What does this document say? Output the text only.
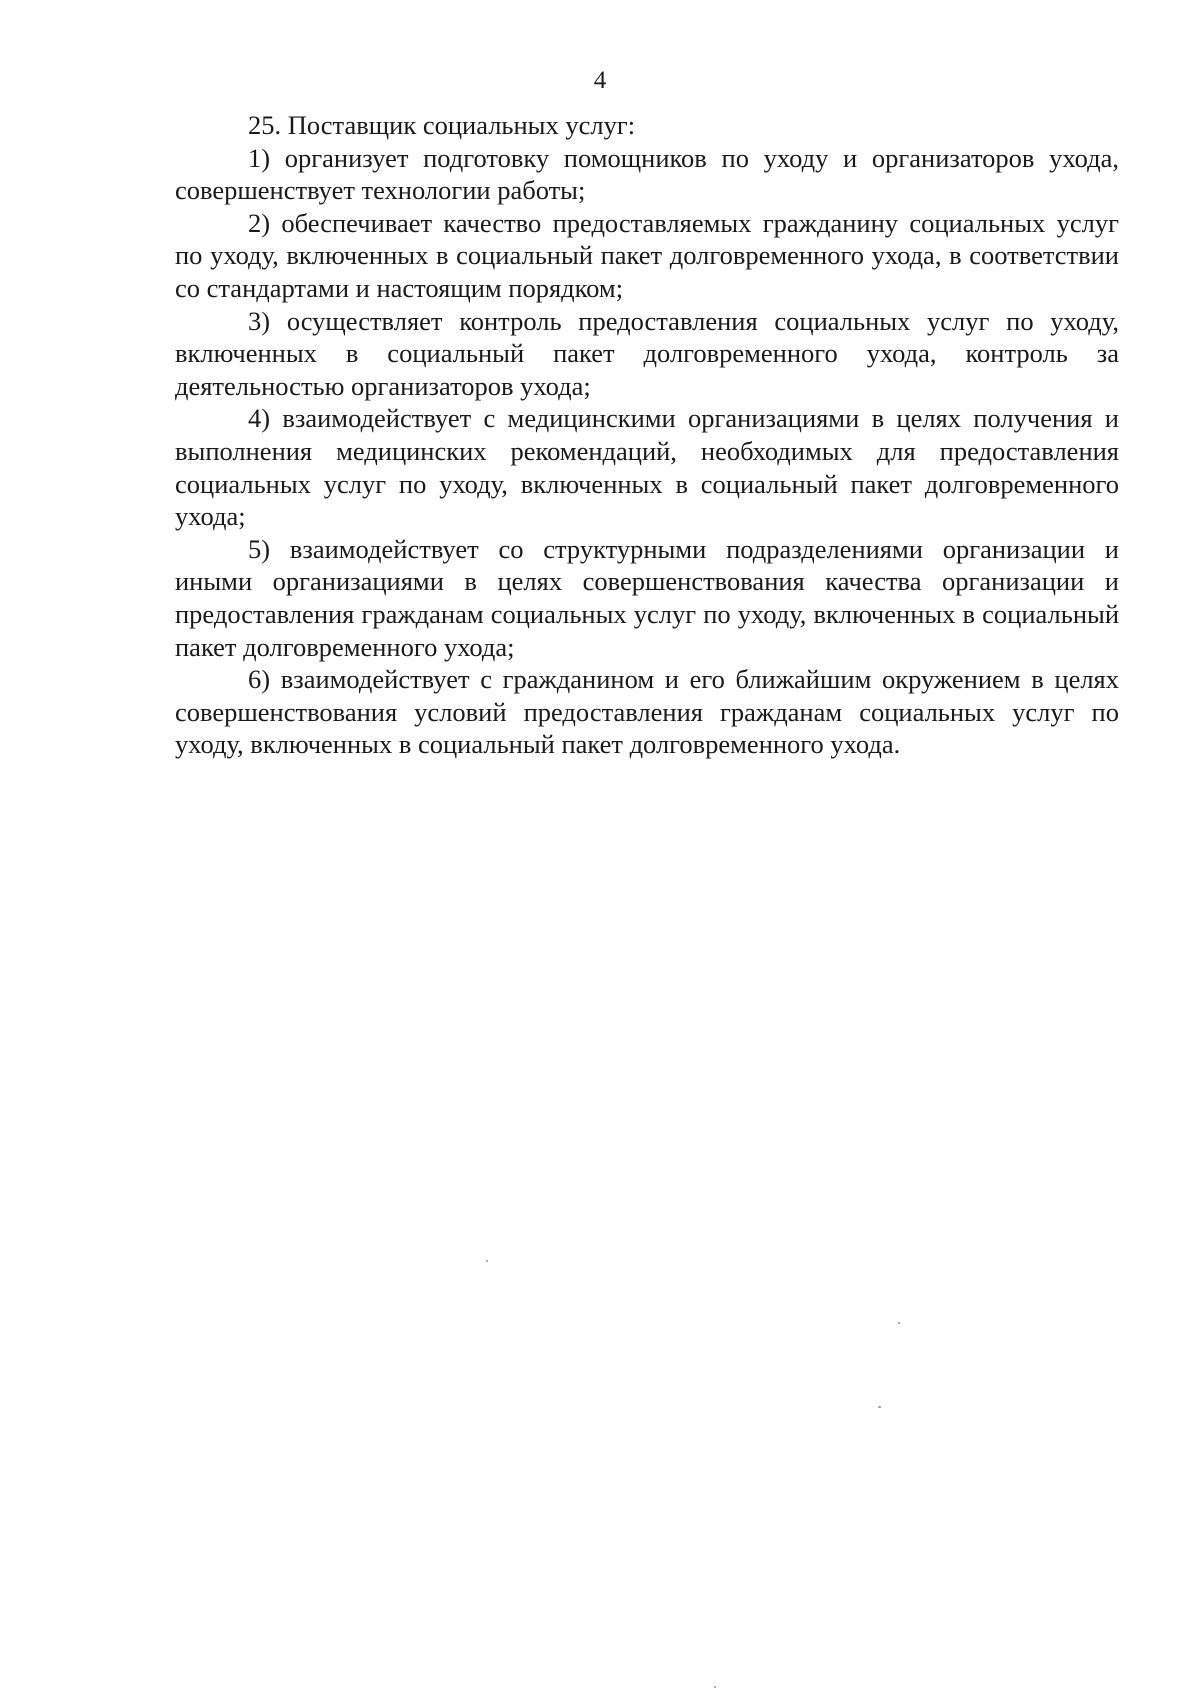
4

25. Поставщик социальных услуг:

1) организует подготовку помощников по уходу и организаторов ухода, совершенствует технологии работы;

2) обеспечивает качество предоставляемых гражданину социальных услуг по уходу, включенных в социальный пакет долговременного ухода, в соответствии со стандартами и настоящим порядком;

3) осуществляет контроль предоставления социальных услуг по уходу, включенных в социальный пакет долговременного ухода, контроль за деятельностью организаторов ухода;

4) взаимодействует с медицинскими организациями в целях получения и выполнения медицинских рекомендаций, необходимых для предоставления социальных услуг по уходу, включенных в социальный пакет долговременного ухода;

5) взаимодействует со структурными подразделениями организации и иными организациями в целях совершенствования качества организации и предоставления гражданам социальных услуг по уходу, включенных в социальный пакет долговременного ухода;

6) взаимодействует с гражданином и его ближайшим окружением в целях совершенствования условий предоставления гражданам социальных услуг по уходу, включенных в социальный пакет долговременного ухода.
